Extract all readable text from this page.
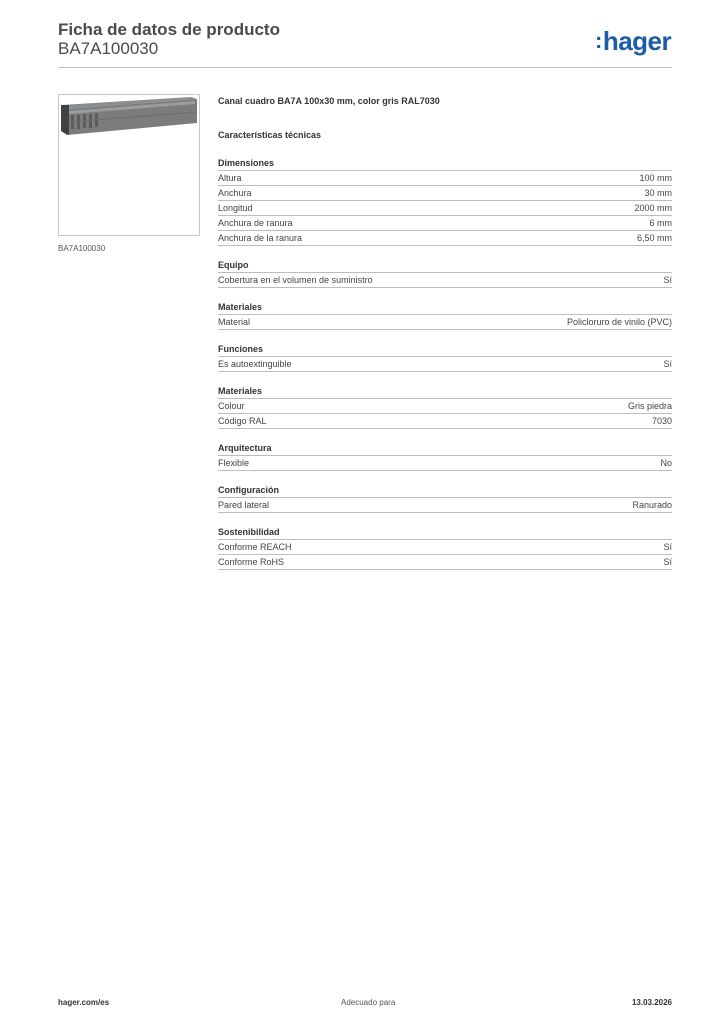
Ficha de datos de producto
BA7A100030	:hager
BA7A100030
Canal cuadro BA7A 100x30 mm, color gris RAL7030
Características técnicas
Dimensiones
Altura	100 mm
Anchura	30 mm
Longitud	2000 mm
Anchura de ranura	6 mm
Anchura de la ranura	6,50 mm
Equipo
Cobertura en el volumen de suministro	Sí
Materiales
Material	Policloruro de vinilo (PVC)
Funciones
Es autoextinguible	Sí
Materiales
Colour	Gris piedra
Código RAL	7030
Arquitectura
Flexible	No
Configuración
Pared lateral	Ranurado
Sostenibilidad
Conforme REACH	Sí
Conforme RoHS	Sí
hager.com/es	Adecuado para	13.03.2026
